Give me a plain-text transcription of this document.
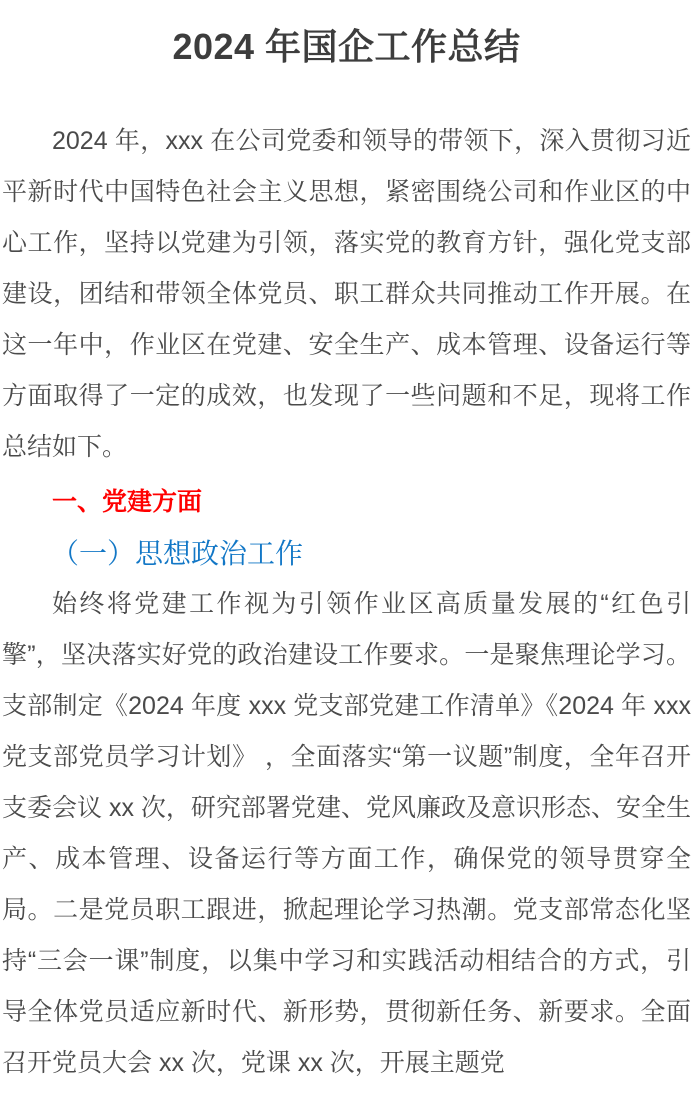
2024 年国企工作总结

2024 年，xxx 在公司党委和领导的带领下，深入贯彻习近平新时代中国特色社会主义思想，紧密围绕公司和作业区的中心工作，坚持以党建为引领，落实党的教育方针，强化党支部建设，团结和带领全体党员、职工群众共同推动工作开展。在这一年中，作业区在党建、安全生产、成本管理、设备运行等方面取得了一定的成效，也发现了一些问题和不足，现将工作总结如下。

一、党建方面
（一）思想政治工作

始终将党建工作视为引领作业区高质量发展的“红色引擎”，坚决落实好党的政治建设工作要求。一是聚焦理论学习。支部制定《2024 年度 xxx 党支部党建工作清单》《2024 年 xxx 党支部党员学习计划》 ，全面落实“第一议题”制度，全年召开支委会议 xx 次，研究部署党建、党风廉政及意识形态、安全生产、成本管理、设备运行等方面工作，确保党的领导贯穿全局。二是党员职工跟进，掀起理论学习热潮。党支部常态化坚持“三会一课”制度，以集中学习和实践活动相结合的方式，引导全体党员适应新时代、新形势，贯彻新任务、新要求。全面召开党员大会 xx 次，党课 xx 次，开展主题党
